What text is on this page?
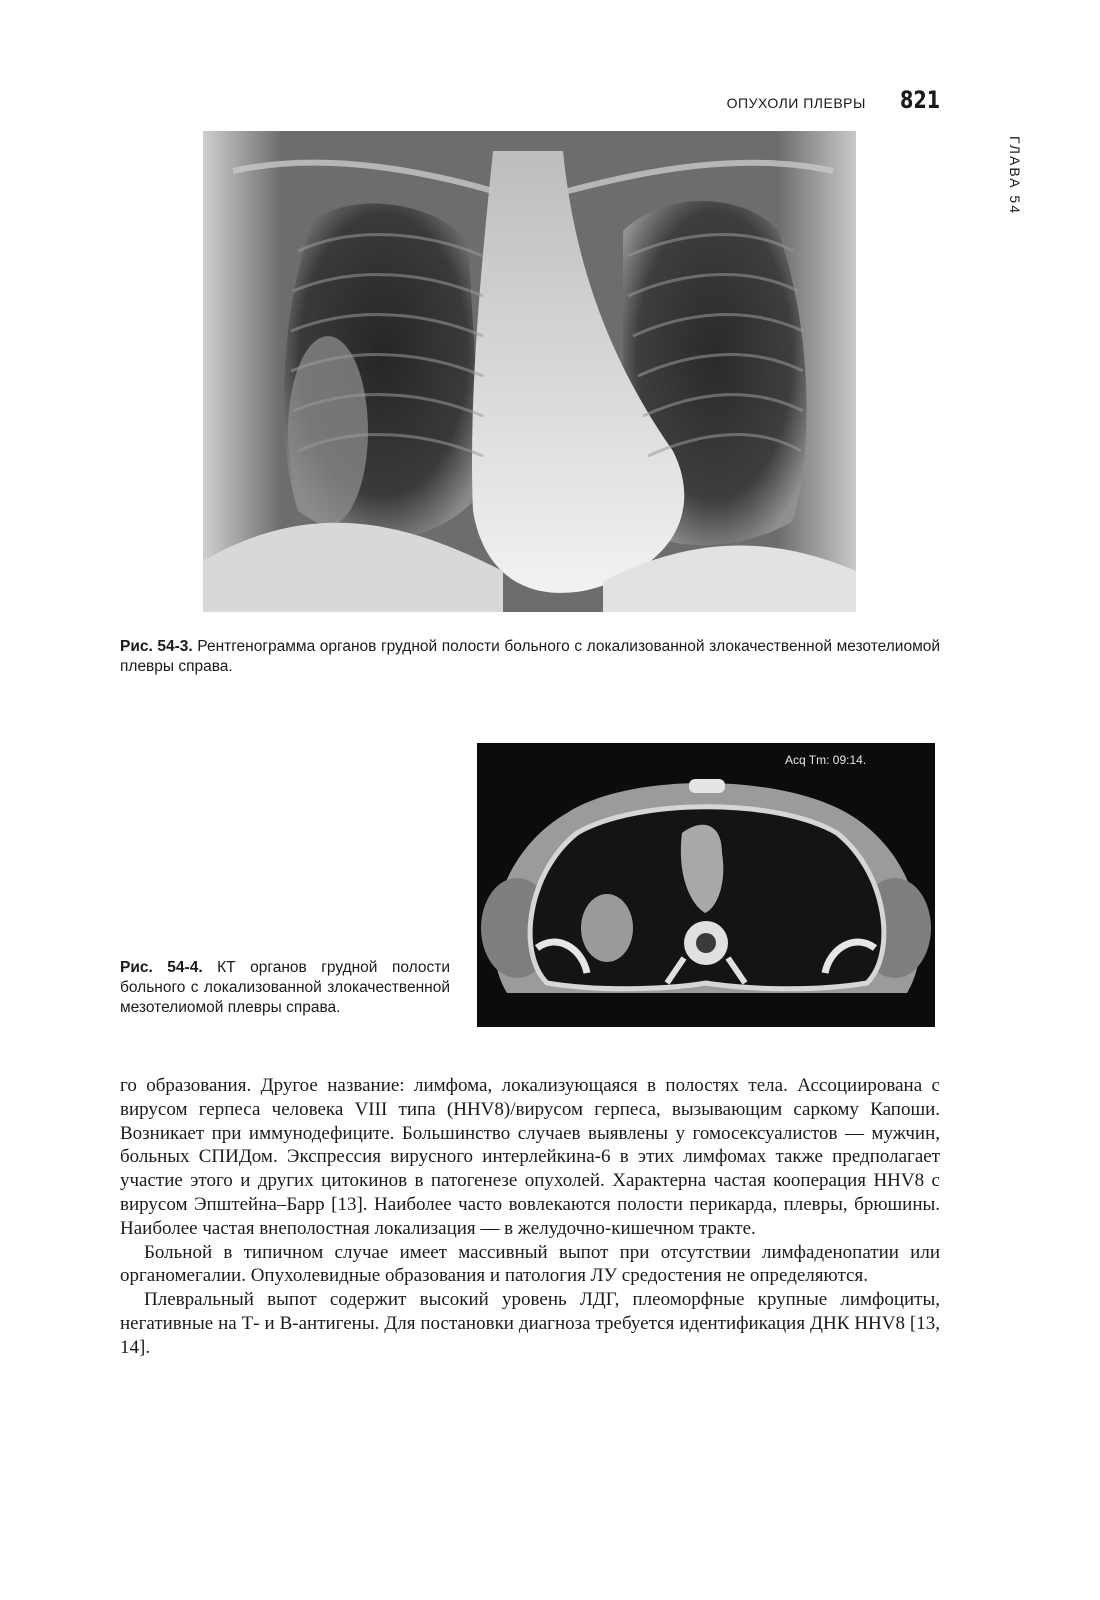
ОПУХОЛИ ПЛЕВРЫ 821
ГЛАВА 54
Рис. 54-3. Рентгенограмма органов грудной полости больного с локализованной злокачественной мезотелиомой плевры справа.
Acq Tm: 09:14.
Рис. 54-4. КТ органов грудной полости больного с локализованной злокачественной мезотелиомой плевры справа.

го образования. Другое название: лимфома, локализующаяся в полостях тела. Ассоциирована с вирусом герпеса человека VIII типа (HHV8)/вирусом герпеса, вызывающим саркому Капоши. Возникает при иммунодефиците. Большинство случаев выявлены у гомосексуалистов — мужчин, больных СПИДом. Экспрессия вирусного интерлейкина-6 в этих лимфомах также предполагает участие этого и других цитокинов в патогенезе опухолей. Характерна частая кооперация HHV8 с вирусом Эпштейна–Барр [13]. Наиболее часто вовлекаются полости перикарда, плевры, брюшины. Наиболее частая внеполостная локализация — в желудочно-кишечном тракте.

Больной в типичном случае имеет массивный выпот при отсутствии лимфаденопатии или органомегалии. Опухолевидные образования и патология ЛУ средостения не определяются.

Плевральный выпот содержит высокий уровень ЛДГ, плеоморфные крупные лимфоциты, негативные на Т- и В-антигены. Для постановки диагноза требуется идентификация ДНК HHV8 [13, 14].
